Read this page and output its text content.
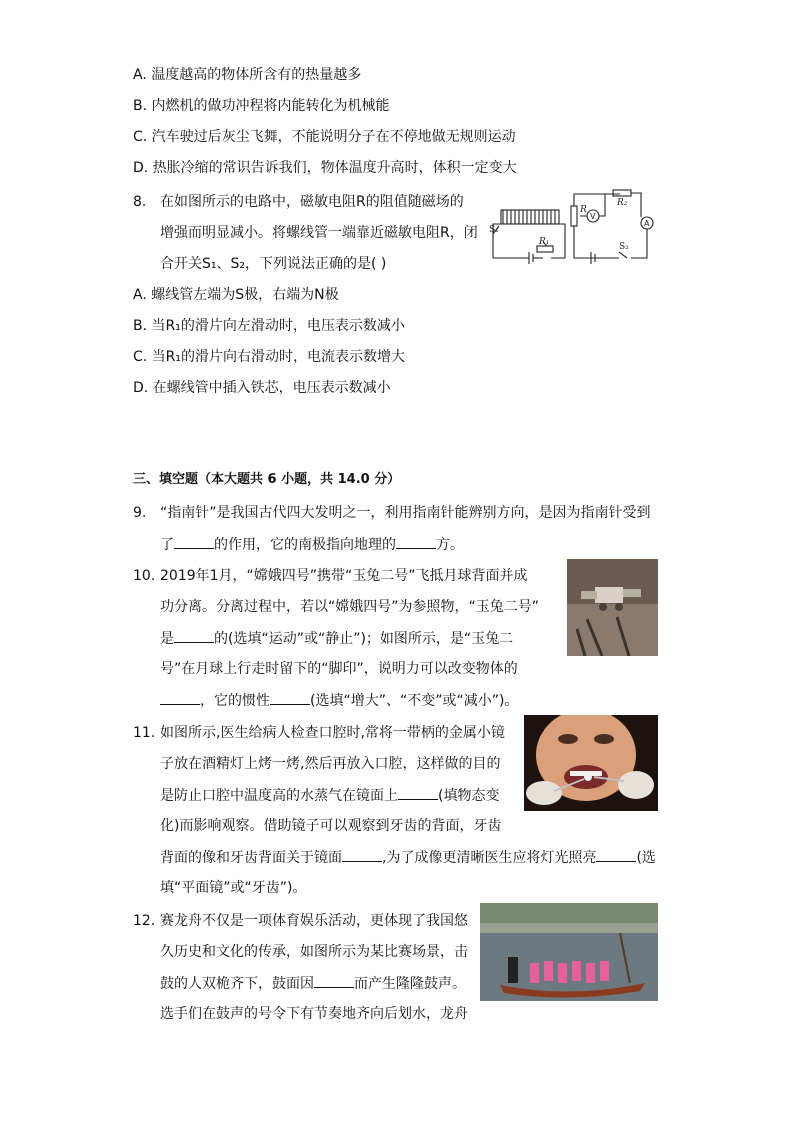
A. 温度越高的物体所含有的热量越多
B. 内燃机的做功冲程将内能转化为机械能
C. 汽车驶过后灰尘飞舞，不能说明分子在不停地做无规则运动
D. 热胀冷缩的常识告诉我们，物体温度升高时，体积一定变大
8. 在如图所示的电路中，磁敏电阻R的阻值随磁场的
增强而明显减小。将螺线管一端靠近磁敏电阻R，闭
合开关S₁、S₂，下列说法正确的是( )
S₁
R₁
R
V
R₂
A
S₂
A. 螺线管左端为S极，右端为N极
B. 当R₁的滑片向左滑动时，电压表示数减小
C. 当R₁的滑片向右滑动时，电流表示数增大
D. 在螺线管中插入铁芯，电压表示数减小
三、填空题（本大题共 6 小题，共 14.0 分）
9. “指南针”是我国古代四大发明之一，利用指南针能辨别方向，是因为指南针受到
了	的作用，它的南极指向地理的	方。
10. 2019年1月，“嫦娥四号”携带“玉兔二号”飞抵月球背面并成
功分离。分离过程中，若以“嫦娥四号”为参照物，“玉兔二号”
是	的(选填“运动”或“静止”)；如图所示，是“玉兔二
号”在月球上行走时留下的“脚印”，说明力可以改变物体的
，它的惯性	(选填“增大”、“不变”或“减小”)。
11. 如图所示,医生给病人检查口腔时,常将一带柄的金属小镜
子放在酒精灯上烤一烤,然后再放入口腔，这样做的目的
是防止口腔中温度高的水蒸气在镜面上	(填物态变
化)而影响观察。借助镜子可以观察到牙齿的背面，牙齿
背面的像和牙齿背面关于镜面	,为了成像更清晰医生应将灯光照亮	(选
填“平面镜”或“牙齿”)。
12. 赛龙舟不仅是一项体育娱乐活动，更体现了我国悠
久历史和文化的传承，如图所示为某比赛场景，击
鼓的人双桅齐下，鼓面因	而产生隆隆鼓声。
选手们在鼓声的号令下有节奏地齐向后划水，龙舟
